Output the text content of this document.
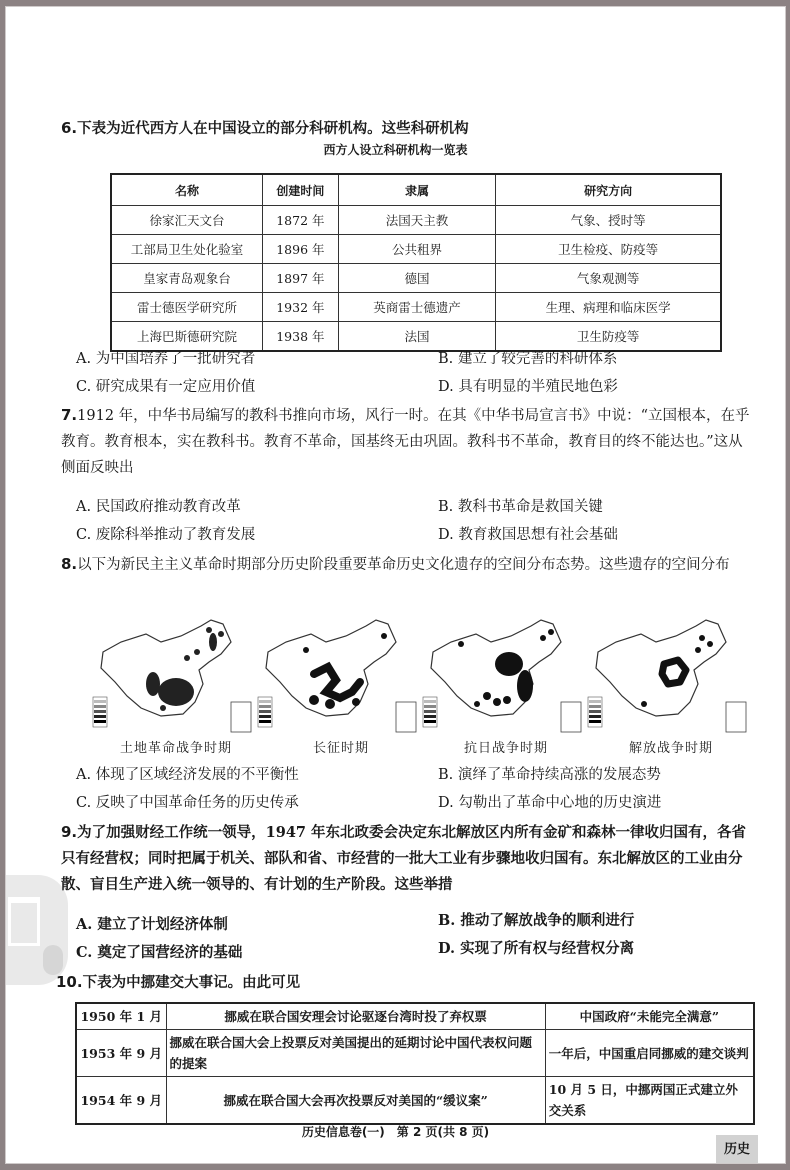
6.下表为近代西方人在中国设立的部分科研机构。这些科研机构
西方人设立科研机构一览表
名称	创建时间	隶属	研究方向
徐家汇天文台	1872 年	法国天主教	气象、授时等
工部局卫生处化验室	1896 年	公共租界	卫生检疫、防疫等
皇家青岛观象台	1897 年	德国	气象观测等
雷士德医学研究所	1932 年	英商雷士德遗产	生理、病理和临床医学
上海巴斯德研究院	1938 年	法国	卫生防疫等
A. 为中国培养了一批研究者	B. 建立了较完善的科研体系
C. 研究成果有一定应用价值	D. 具有明显的半殖民地色彩
7.1912 年，中华书局编写的教科书推向市场，风行一时。在其《中华书局宣言书》中说：“立国根本，在乎教育。教育根本，实在教科书。教育不革命，国基终无由巩固。教科书不革命，教育目的终不能达也。”这从侧面反映出
A. 民国政府推动教育改革	B. 教科书革命是救国关键
C. 废除科举推动了教育发展	D. 教育救国思想有社会基础
8.以下为新民主主义革命时期部分历史阶段重要革命历史文化遗存的空间分布态势。这些遗存的空间分布
土地革命战争时期	长征时期	抗日战争时期	解放战争时期
A. 体现了区域经济发展的不平衡性	B. 演绎了革命持续高涨的发展态势
C. 反映了中国革命任务的历史传承	D. 勾勒出了革命中心地的历史演进
9.为了加强财经工作统一领导，1947 年东北政委会决定东北解放区内所有金矿和森林一律收归国有，各省只有经营权；同时把属于机关、部队和省、市经营的一批大工业有步骤地收归国有。东北解放区的工业由分散、盲目生产进入统一领导的、有计划的生产阶段。这些举措
A. 建立了计划经济体制	B. 推动了解放战争的顺利进行
C. 奠定了国营经济的基础	D. 实现了所有权与经营权分离
10.下表为中挪建交大事记。由此可见
1950 年 1 月	挪威在联合国安理会讨论驱逐台湾时投了弃权票	中国政府“未能完全满意”
1953 年 9 月	挪威在联合国大会上投票反对美国提出的延期讨论中国代表权问题的提案	一年后，中国重启同挪威的建交谈判
1954 年 9 月	挪威在联合国大会再次投票反对美国的“缓议案”	10 月 5 日，中挪两国正式建立外交关系
历史信息卷(一)　第 2 页(共 8 页)
历史
